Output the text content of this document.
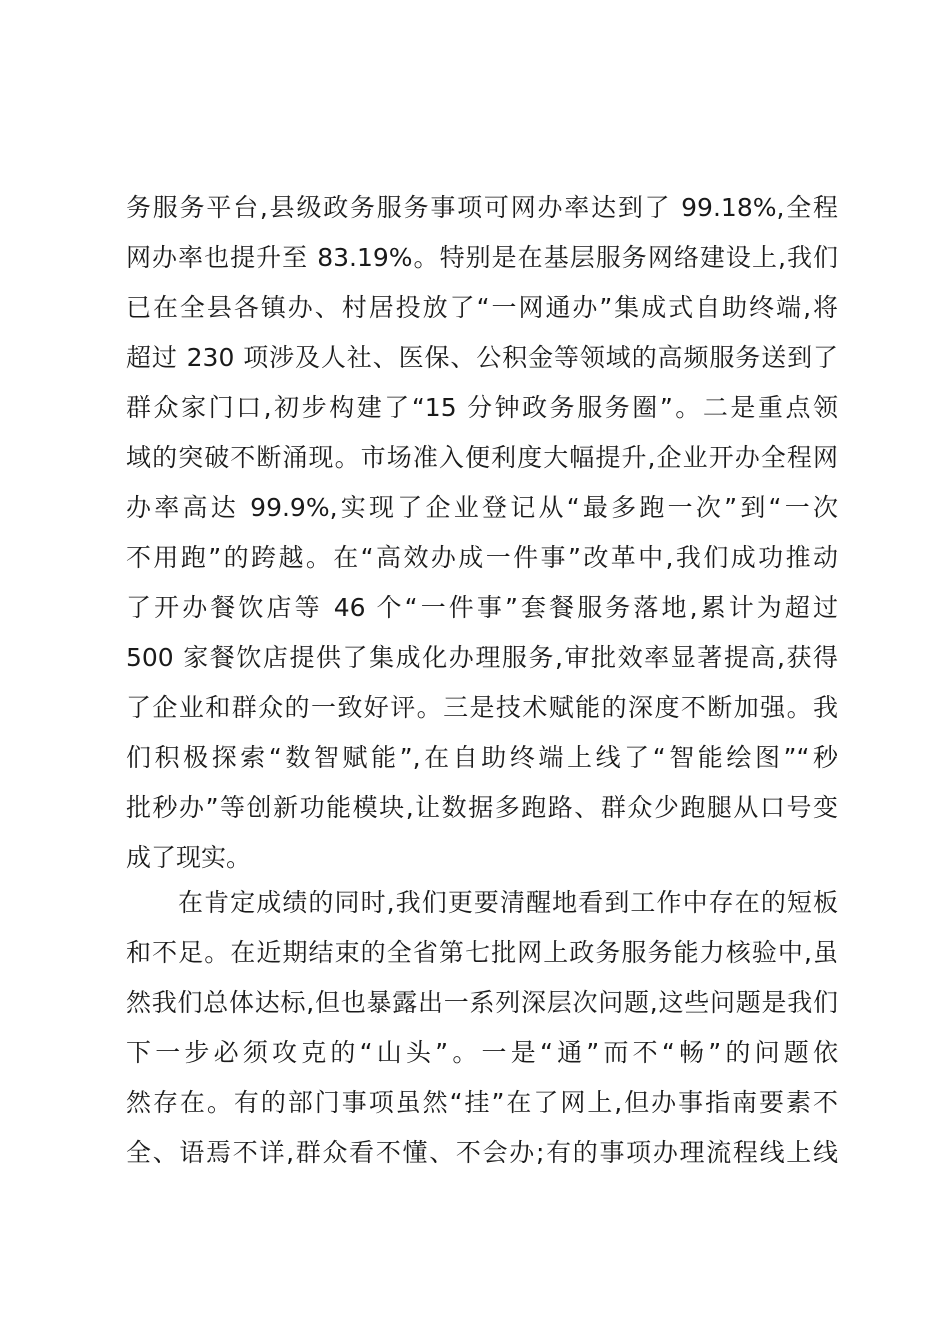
务服务平台,县级政务服务事项可网办率达到了 99.18%,全程
网办率也提升至 83.19%。特别是在基层服务网络建设上,我们
已在全县各镇办、村居投放了“一网通办”集成式自助终端,将
超过 230 项涉及人社、医保、公积金等领域的高频服务送到了
群众家门口,初步构建了“15 分钟政务服务圈”。二是重点领
域的突破不断涌现。市场准入便利度大幅提升,企业开办全程网
办率高达 99.9%,实现了企业登记从“最多跑一次”到“一次
不用跑”的跨越。在“高效办成一件事”改革中,我们成功推动
了开办餐饮店等 46 个“一件事”套餐服务落地,累计为超过
500 家餐饮店提供了集成化办理服务,审批效率显著提高,获得
了企业和群众的一致好评。三是技术赋能的深度不断加强。我
们积极探索“数智赋能”,在自助终端上线了“智能绘图”“秒
批秒办”等创新功能模块,让数据多跑路、群众少跑腿从口号变
成了现实。
在肯定成绩的同时,我们更要清醒地看到工作中存在的短板
和不足。在近期结束的全省第七批网上政务服务能力核验中,虽
然我们总体达标,但也暴露出一系列深层次问题,这些问题是我们
下一步必须攻克的“山头”。一是“通”而不“畅”的问题依
然存在。有的部门事项虽然“挂”在了网上,但办事指南要素不
全、语焉不详,群众看不懂、不会办;有的事项办理流程线上线
